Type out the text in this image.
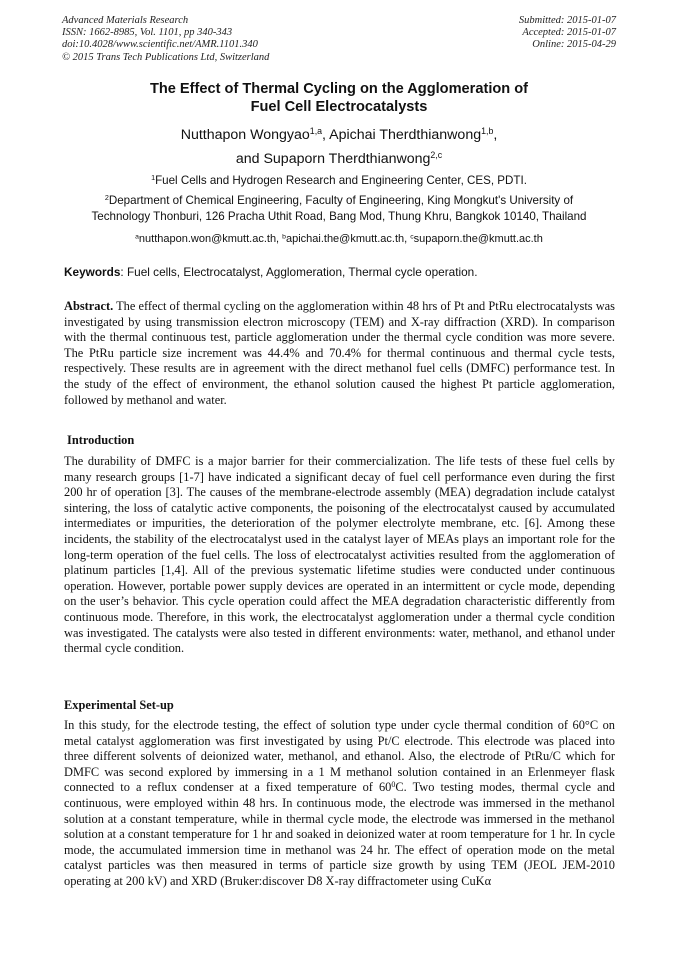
Advanced Materials Research
ISSN: 1662-8985, Vol. 1101, pp 340-343
doi:10.4028/www.scientific.net/AMR.1101.340
© 2015 Trans Tech Publications Ltd, Switzerland
Submitted: 2015-01-07
Accepted: 2015-01-07
Online: 2015-04-29
The Effect of Thermal Cycling on the Agglomeration of
Fuel Cell Electrocatalysts
Nutthapon Wongyao$^{1,a}$, Apichai Therdthianwong$^{1,b}$,
and Supaporn Therdthianwong$^{2,c}$
$^1$Fuel Cells and Hydrogen Research and Engineering Center, CES, PDTI.
$^2$Department of Chemical Engineering, Faculty of Engineering, King Mongkut's University of
Technology Thonburi, 126 Pracha Uthit Road, Bang Mod, Thung Khru, Bangkok 10140, Thailand
$^a$nutthapon.won@kmutt.ac.th, $^b$apichai.the@kmutt.ac.th, $^c$supaporn.the@kmutt.ac.th
Keywords: Fuel cells, Electrocatalyst, Agglomeration, Thermal cycle operation.
Abstract. The effect of thermal cycling on the agglomeration within 48 hrs of Pt and PtRu electrocatalysts was investigated by using transmission electron microscopy (TEM) and X-ray diffraction (XRD). In comparison with the thermal continuous test, particle agglomeration under the thermal cycle condition was more severe. The PtRu particle size increment was 44.4% and 70.4% for thermal continuous and thermal cycle tests, respectively. These results are in agreement with the direct methanol fuel cells (DMFC) performance test. In the study of the effect of environment, the ethanol solution caused the highest Pt particle agglomeration, followed by methanol and water.
Introduction
The durability of DMFC is a major barrier for their commercialization. The life tests of these fuel cells by many research groups [1-7] have indicated a significant decay of fuel cell performance even during the first 200 hr of operation [3]. The causes of the membrane-electrode assembly (MEA) degradation include catalyst sintering, the loss of catalytic active components, the poisoning of the electrocatalyst caused by accumulated intermediates or impurities, the deterioration of the polymer electrolyte membrane, etc. [6]. Among these incidents, the stability of the electrocatalyst used in the catalyst layer of MEAs plays an important role for the long-term operation of the fuel cells. The loss of electrocatalyst activities resulted from the agglomeration of platinum particles [1,4]. All of the previous systematic lifetime studies were conducted under continuous operation. However, portable power supply devices are operated in an intermittent or cycle mode, depending on the user’s behavior. This cycle operation could affect the MEA degradation characteristic differently from continuous mode. Therefore, in this work, the electrocatalyst agglomeration under a thermal cycle condition was investigated. The catalysts were also tested in different environments: water, methanol, and ethanol under thermal cycle condition.
Experimental Set-up
In this study, for the electrode testing, the effect of solution type under cycle thermal condition of 60°C on metal catalyst agglomeration was first investigated by using Pt/C electrode. This electrode was placed into three different solvents of deionized water, methanol, and ethanol. Also, the electrode of PtRu/C which for DMFC was second explored by immersing in a 1 M methanol solution contained in an Erlenmeyer flask connected to a reflux condenser at a fixed temperature of $60^0C$. Two testing modes, thermal cycle and continuous, were employed within 48 hrs. In continuous mode, the electrode was immersed in the methanol solution at a constant temperature, while in thermal cycle mode, the electrode was immersed in the methanol solution at a constant temperature for 1 hr and soaked in deionized water at room temperature for 1 hr. In cycle mode, the accumulated immersion time in methanol was 24 hr. The effect of operation mode on the metal catalyst particles was then measured in terms of particle size growth by using TEM (JEOL JEM-2010 operating at 200 kV) and XRD (Bruker:discover D8 X-ray diffractometer using CuKα
